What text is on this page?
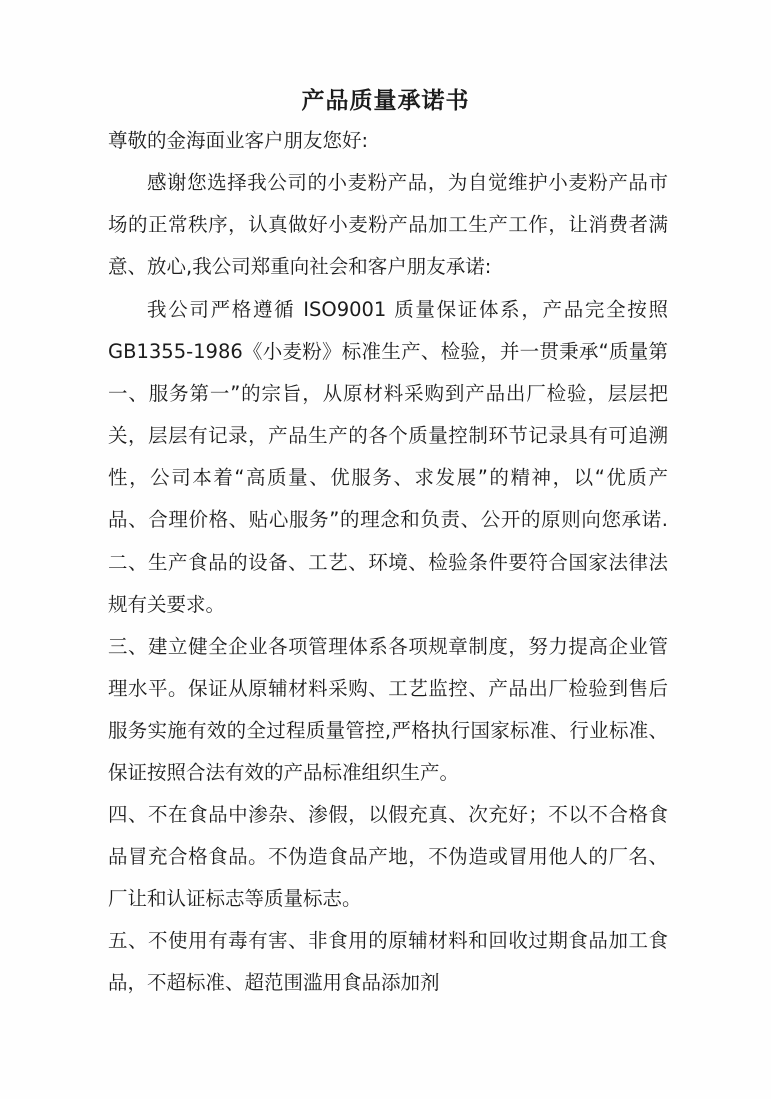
产品质量承诺书
尊敬的金海面业客户朋友您好:
感谢您选择我公司的小麦粉产品，为自觉维护小麦粉产品市
场的正常秩序，认真做好小麦粉产品加工生产工作，让消费者满
意、放心,我公司郑重向社会和客户朋友承诺:
我公司严格遵循 ISO9001 质量保证体系，产品完全按照
GB1355-1986《小麦粉》标准生产、检验，并一贯秉承“质量第
一、服务第一”的宗旨，从原材料采购到产品出厂检验，层层把
关，层层有记录，产品生产的各个质量控制环节记录具有可追溯
性，公司本着“高质量、优服务、求发展”的精神，以“优质产
品、合理价格、贴心服务”的理念和负责、公开的原则向您承诺.
二、生产食品的设备、工艺、环境、检验条件要符合国家法律法
规有关要求。
三、建立健全企业各项管理体系各项规章制度，努力提高企业管
理水平。保证从原辅材料采购、工艺监控、产品出厂检验到售后
服务实施有效的全过程质量管控,严格执行国家标准、行业标准、
保证按照合法有效的产品标准组织生产。
四、不在食品中渗杂、渗假，以假充真、次充好；不以不合格食
品冒充合格食品。不伪造食品产地，不伪造或冒用他人的厂名、
厂让和认证标志等质量标志。
五、不使用有毒有害、非食用的原辅材料和回收过期食品加工食
品，不超标准、超范围滥用食品添加剂
